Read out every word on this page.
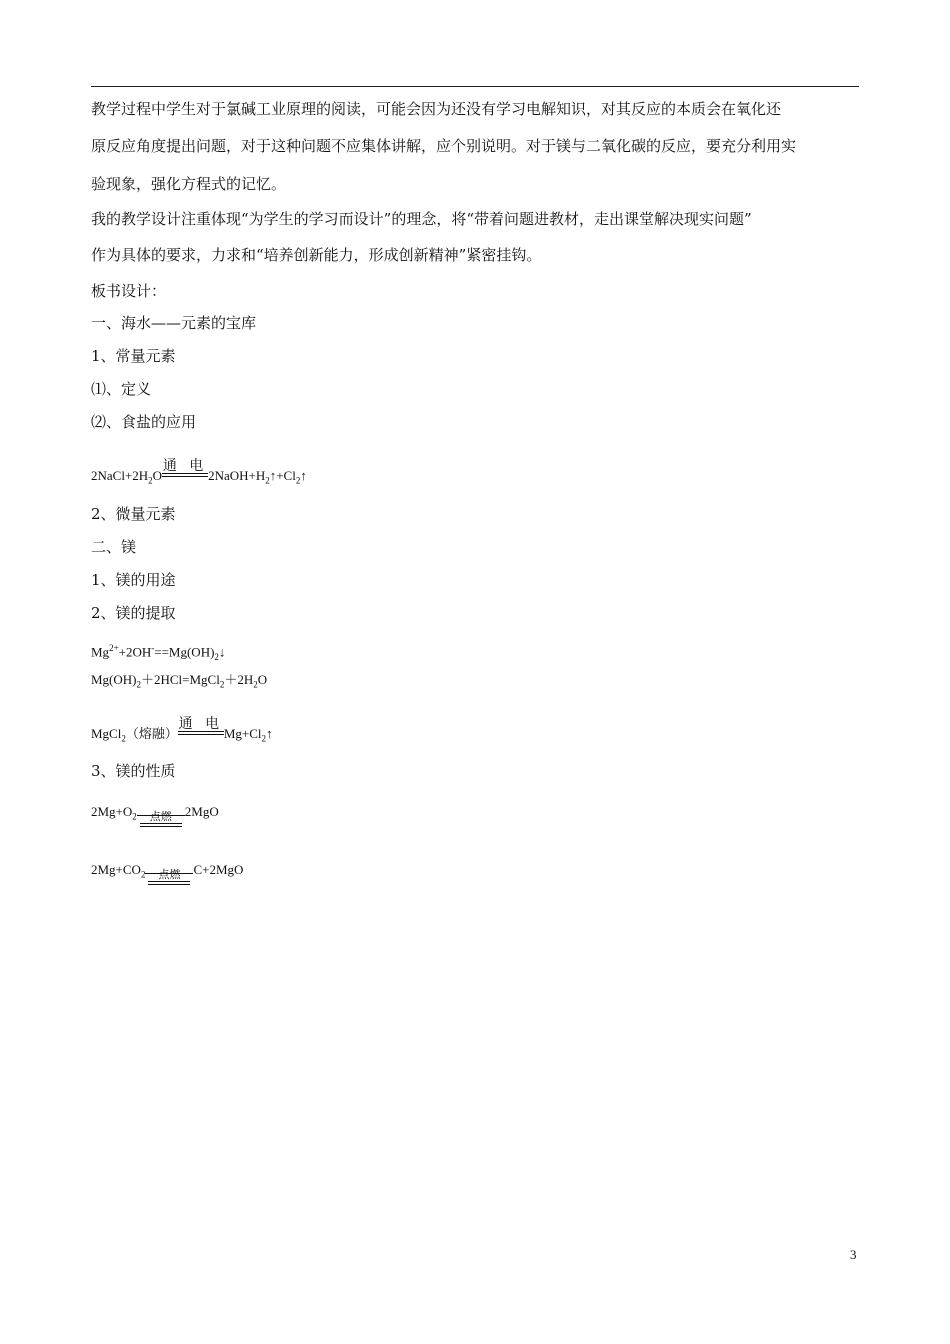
教学过程中学生对于氯碱工业原理的阅读，可能会因为还没有学习电解知识，对其反应的本质会在氧化还
原反应角度提出问题，对于这种问题不应集体讲解，应个别说明。对于镁与二氧化碳的反应，要充分利用实
验现象，强化方程式的记忆。
我的教学设计注重体现“为学生的学习而设计”的理念，将“带着问题进教材，走出课堂解决现实问题”
作为具体的要求，力求和“培养创新能力，形成创新精神”紧密挂钩。
板书设计：
一、海水——元素的宝库
1、常量元素
⑴、定义
⑵、食盐的应用
$2NaCl+2H_2O$
通 电
$2NaOH+H_2↑+Cl_2↑$
2、微量元素
二、镁
1、镁的用途
2、镁的提取
$Mg^{2+}+2OH^-==Mg(OH)_2↓$
$Mg(OH)_2+2HCl=MgCl_2+2H_2O$
MgCl$_2$（熔融）
通 电
$Mg+Cl_2↑$
3、镁的性质
$2Mg+O_2$	点燃	2MgO
$2Mg+CO_2$	点燃	C+2MgO
3
